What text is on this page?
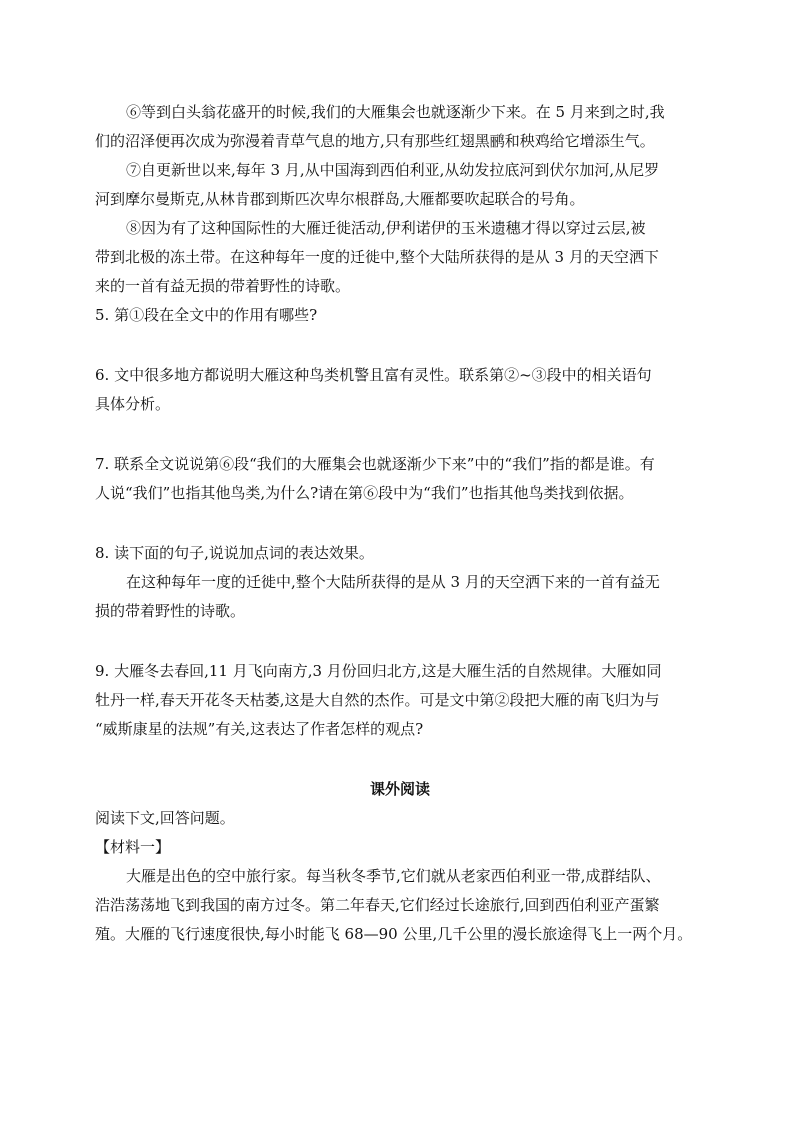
⑥等到白头翁花盛开的时候,我们的大雁集会也就逐渐少下来。在 5 月来到之时,我
们的沼泽便再次成为弥漫着青草气息的地方,只有那些红翅黑鹂和秧鸡给它增添生气。
⑦自更新世以来,每年 3 月,从中国海到西伯利亚,从幼发拉底河到伏尔加河,从尼罗
河到摩尔曼斯克,从林肯郡到斯匹次卑尔根群岛,大雁都要吹起联合的号角。
⑧因为有了这种国际性的大雁迁徙活动,伊利诺伊的玉米遗穗才得以穿过云层,被
带到北极的冻土带。在这种每年一度的迁徙中,整个大陆所获得的是从 3 月的天空洒下
来的一首有益无损的带着野性的诗歌。
5. 第①段在全文中的作用有哪些?
6. 文中很多地方都说明大雁这种鸟类机警且富有灵性。联系第②~③段中的相关语句
具体分析。
7. 联系全文说说第⑥段“我们的大雁集会也就逐渐少下来”中的“我们”指的都是谁。有
人说“我们”也指其他鸟类,为什么?请在第⑥段中为“我们”也指其他鸟类找到依据。
8. 读下面的句子,说说加点词的表达效果。
在这种每年一度的迁徙中,整个大陆所获得的是从 3 月的天空洒下来的一首有益无
损的带着野性的诗歌。
9. 大雁冬去春回,11 月飞向南方,3 月份回归北方,这是大雁生活的自然规律。大雁如同
牡丹一样,春天开花冬天枯萎,这是大自然的杰作。可是文中第②段把大雁的南飞归为与
“威斯康星的法规”有关,这表达了作者怎样的观点?
课外阅读
阅读下文,回答问题。
【材料一】
大雁是出色的空中旅行家。每当秋冬季节,它们就从老家西伯利亚一带,成群结队、
浩浩荡荡地飞到我国的南方过冬。第二年春天,它们经过长途旅行,回到西伯利亚产蛋繁
殖。大雁的飞行速度很快,每小时能飞 68—90 公里,几千公里的漫长旅途得飞上一两个月。
